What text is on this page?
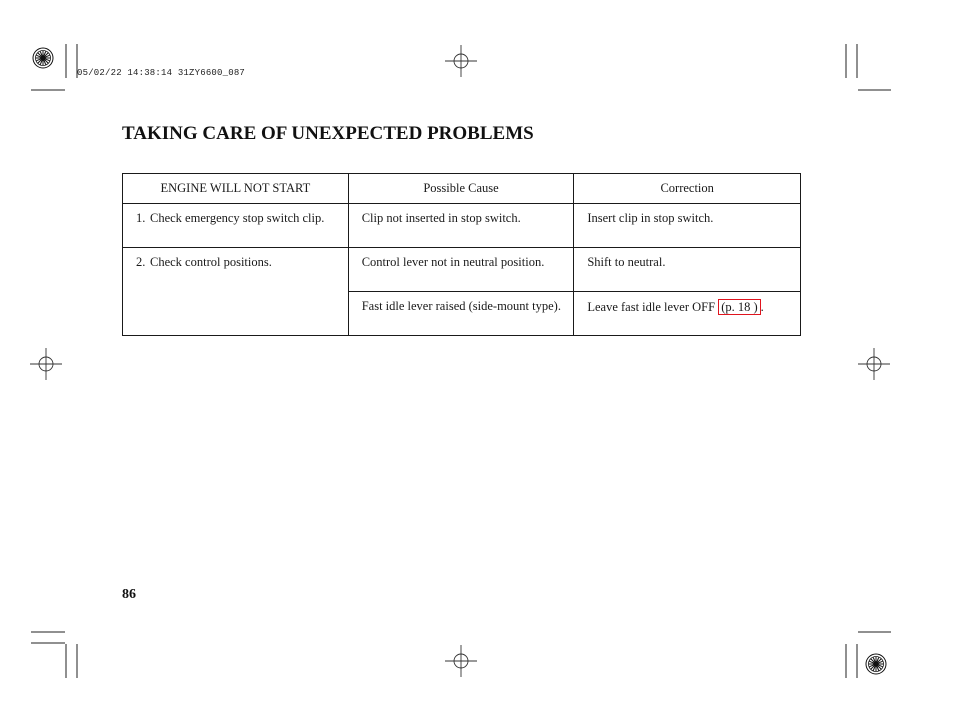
05/02/22 14:38:14 31ZY6600_087
TAKING CARE OF UNEXPECTED PROBLEMS
ENGINE WILL NOT START	Possible Cause	Correction

1. Check emergency stop switch clip.	Clip not inserted in stop switch.	Insert clip in stop switch.

2. Check control positions.	Control lever not in neutral position.	Shift to neutral.
	Fast idle lever raised (side-mount type).	Leave fast idle lever OFF (p. 18 ) .
86
